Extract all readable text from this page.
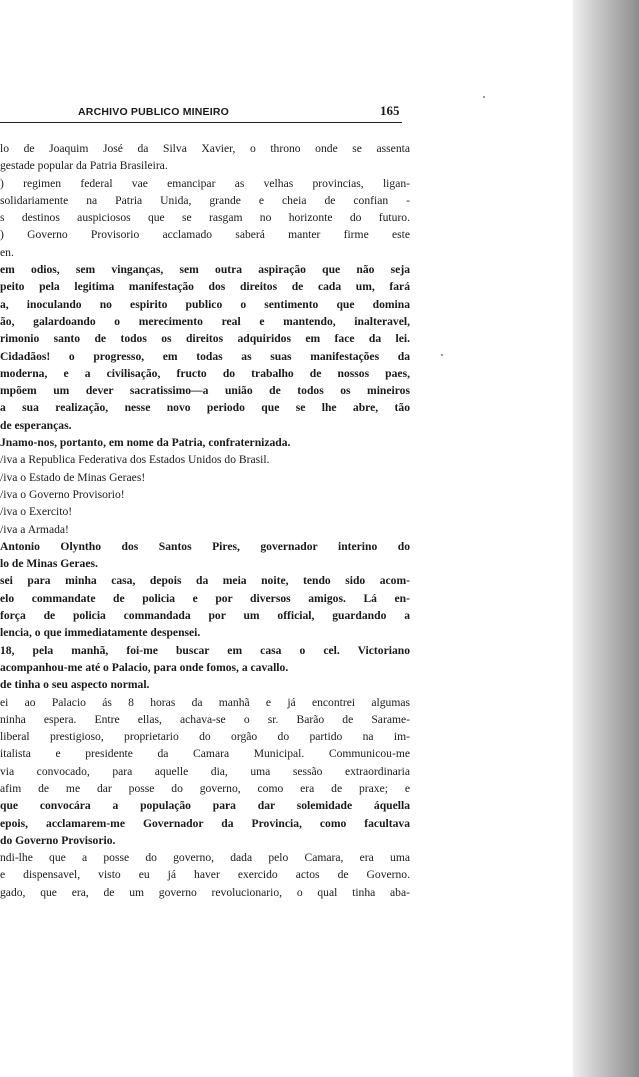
ARCHIVO PUBLICO MINEIRO	165
lo de Joaquim José da Silva Xavier, o throno onde se assenta
gestade popular da Patria Brasileira.
) regimen federal vae emancipar as velhas provincias, ligan-
solidariamente na Patria Unida, grande e cheia de confian -
s destinos auspiciosos que se rasgam no horizonte do futuro.
) Governo Provisorio acclamado saberá manter firme este
en.
em odios, sem vinganças, sem outra aspiração que não seja
peito pela legitima manifestação dos direitos de cada um, fará
a, inoculando no espirito publico o sentimento que domina
ão, galardoando o merecimento real e mantendo, inalteravel,
rimonio santo de todos os direitos adquiridos em face da lei.
Cidadãos! o progresso, em todas as suas manifestações da
moderna, e a civilisação, fructo do trabalho de nossos paes,
mpõem um dever sacratissimo—a união de todos os mineiros
a sua realização, nesse novo periodo que se lhe abre, tão
de esperanças.
Jnamo-nos, portanto, em nome da Patria, confraternizada.
/iva a Republica Federativa dos Estados Unidos do Brasil.
/iva o Estado de Minas Geraes!
/iva o Governo Provisorio!
/iva o Exercito!
/iva a Armada!
Antonio Olyntho dos Santos Pires, governador interino do
lo de Minas Geraes.
sei para minha casa, depois da meia noite, tendo sido acom-
elo commandate de policia e por diversos amigos. Lá en-
força de policia commandada por um official, guardando a
lencia, o que immediatamente despensei.
18, pela manhã, foi-me buscar em casa o cel. Victoriano
acompanhou-me até o Palacio, para onde fomos, a cavallo.
de tinha o seu aspecto normal.
ei ao Palacio ás 8 horas da manhã e já encontrei algumas
ninha espera. Entre ellas, achava-se o sr. Barão de Sarame-
liberal prestigioso, proprietario do orgão do partido na im-
italista e presidente da Camara Municipal. Communicou-me
via convocado, para aquelle dia, uma sessão extraordinaria
afim de me dar posse do governo, como era de praxe; e
que convocára a população para dar solemidade áquella
epois, acclamarem-me Governador da Provincia, como facultava
do Governo Provisorio.
ndi-lhe que a posse do governo, dada pelo Camara, era uma
e dispensavel, visto eu já haver exercido actos de Governo.
gado, que era, de um governo revolucionario, o qual tinha aba-
